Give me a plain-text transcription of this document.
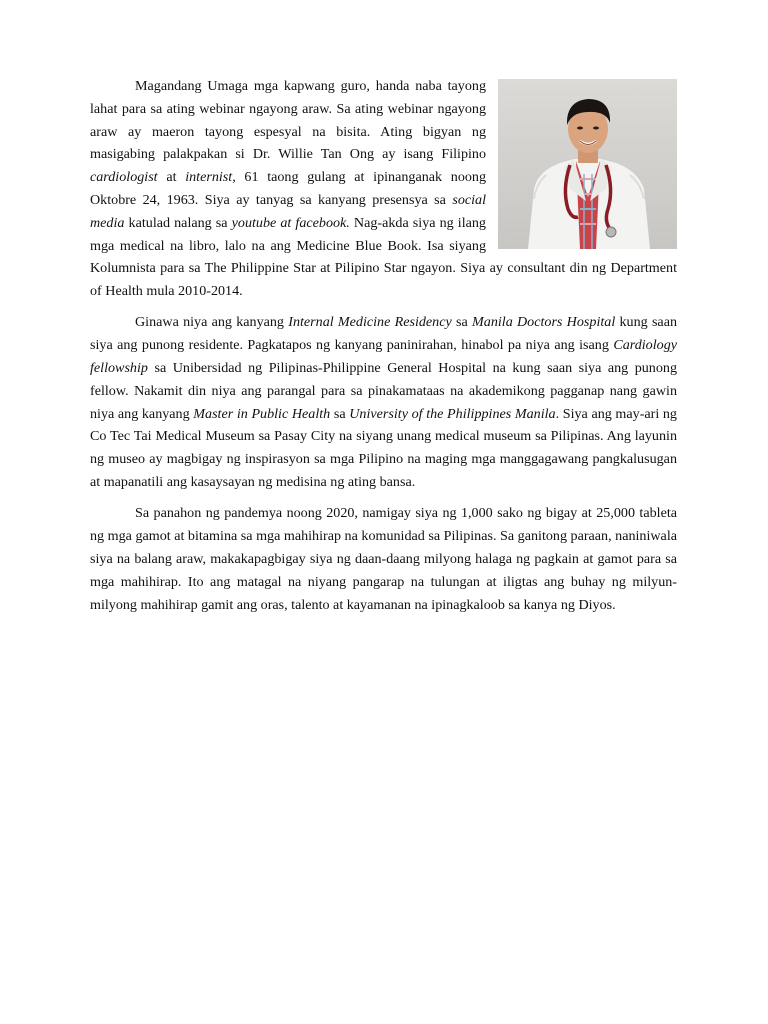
Magandang Umaga mga kapwang guro, handa naba tayong lahat para sa ating webinar ngayong araw. Sa ating webinar ngayong araw ay maeron tayong espesyal na bisita. Ating bigyan ng masigabing palakpakan si Dr. Willie Tan Ong ay isang Filipino cardiologist at internist, 61 taong gulang at ipinanganak noong Oktobre 24, 1963. Siya ay tanyag sa kanyang presensya sa social media katulad nalang sa youtube at facebook. Nag-akda siya ng ilang mga medical na libro, lalo na ang Medicine Blue Book. Isa siyang Kolumnista para sa The Philippine Star at Pilipino Star ngayon. Siya ay consultant din ng Department of Health mula 2010-2014.

Ginawa niya ang kanyang Internal Medicine Residency sa Manila Doctors Hospital kung saan siya ang punong residente. Pagkatapos ng kanyang paninirahan, hinabol pa niya ang isang Cardiology fellowship sa Unibersidad ng Pilipinas-Philippine General Hospital na kung saan siya ang punong fellow. Nakamit din niya ang parangal para sa pinakamataas na akademikong pagganap nang gawin niya ang kanyang Master in Public Health sa University of the Philippines Manila. Siya ang may-ari ng Co Tec Tai Medical Museum sa Pasay City na siyang unang medical museum sa Pilipinas. Ang layunin ng museo ay magbigay ng inspirasyon sa mga Pilipino na maging mga manggagawang pangkalusugan at mapanatili ang kasaysayan ng medisina ng ating bansa.

Sa panahon ng pandemya noong 2020, namigay siya ng 1,000 sako ng bigay at 25,000 tableta ng mga gamot at bitamina sa mga mahihirap na komunidad sa Pilipinas. Sa ganitong paraan, naniniwala siya na balang araw, makakapagbigay siya ng daan-daang milyong halaga ng pagkain at gamot para sa mga mahihirap. Ito ang matagal na niyang pangarap na tulungan at iligtas ang buhay ng milyun-milyong mahihirap gamit ang oras, talento at kayamanan na ipinagkaloob sa kanya ng Diyos.
